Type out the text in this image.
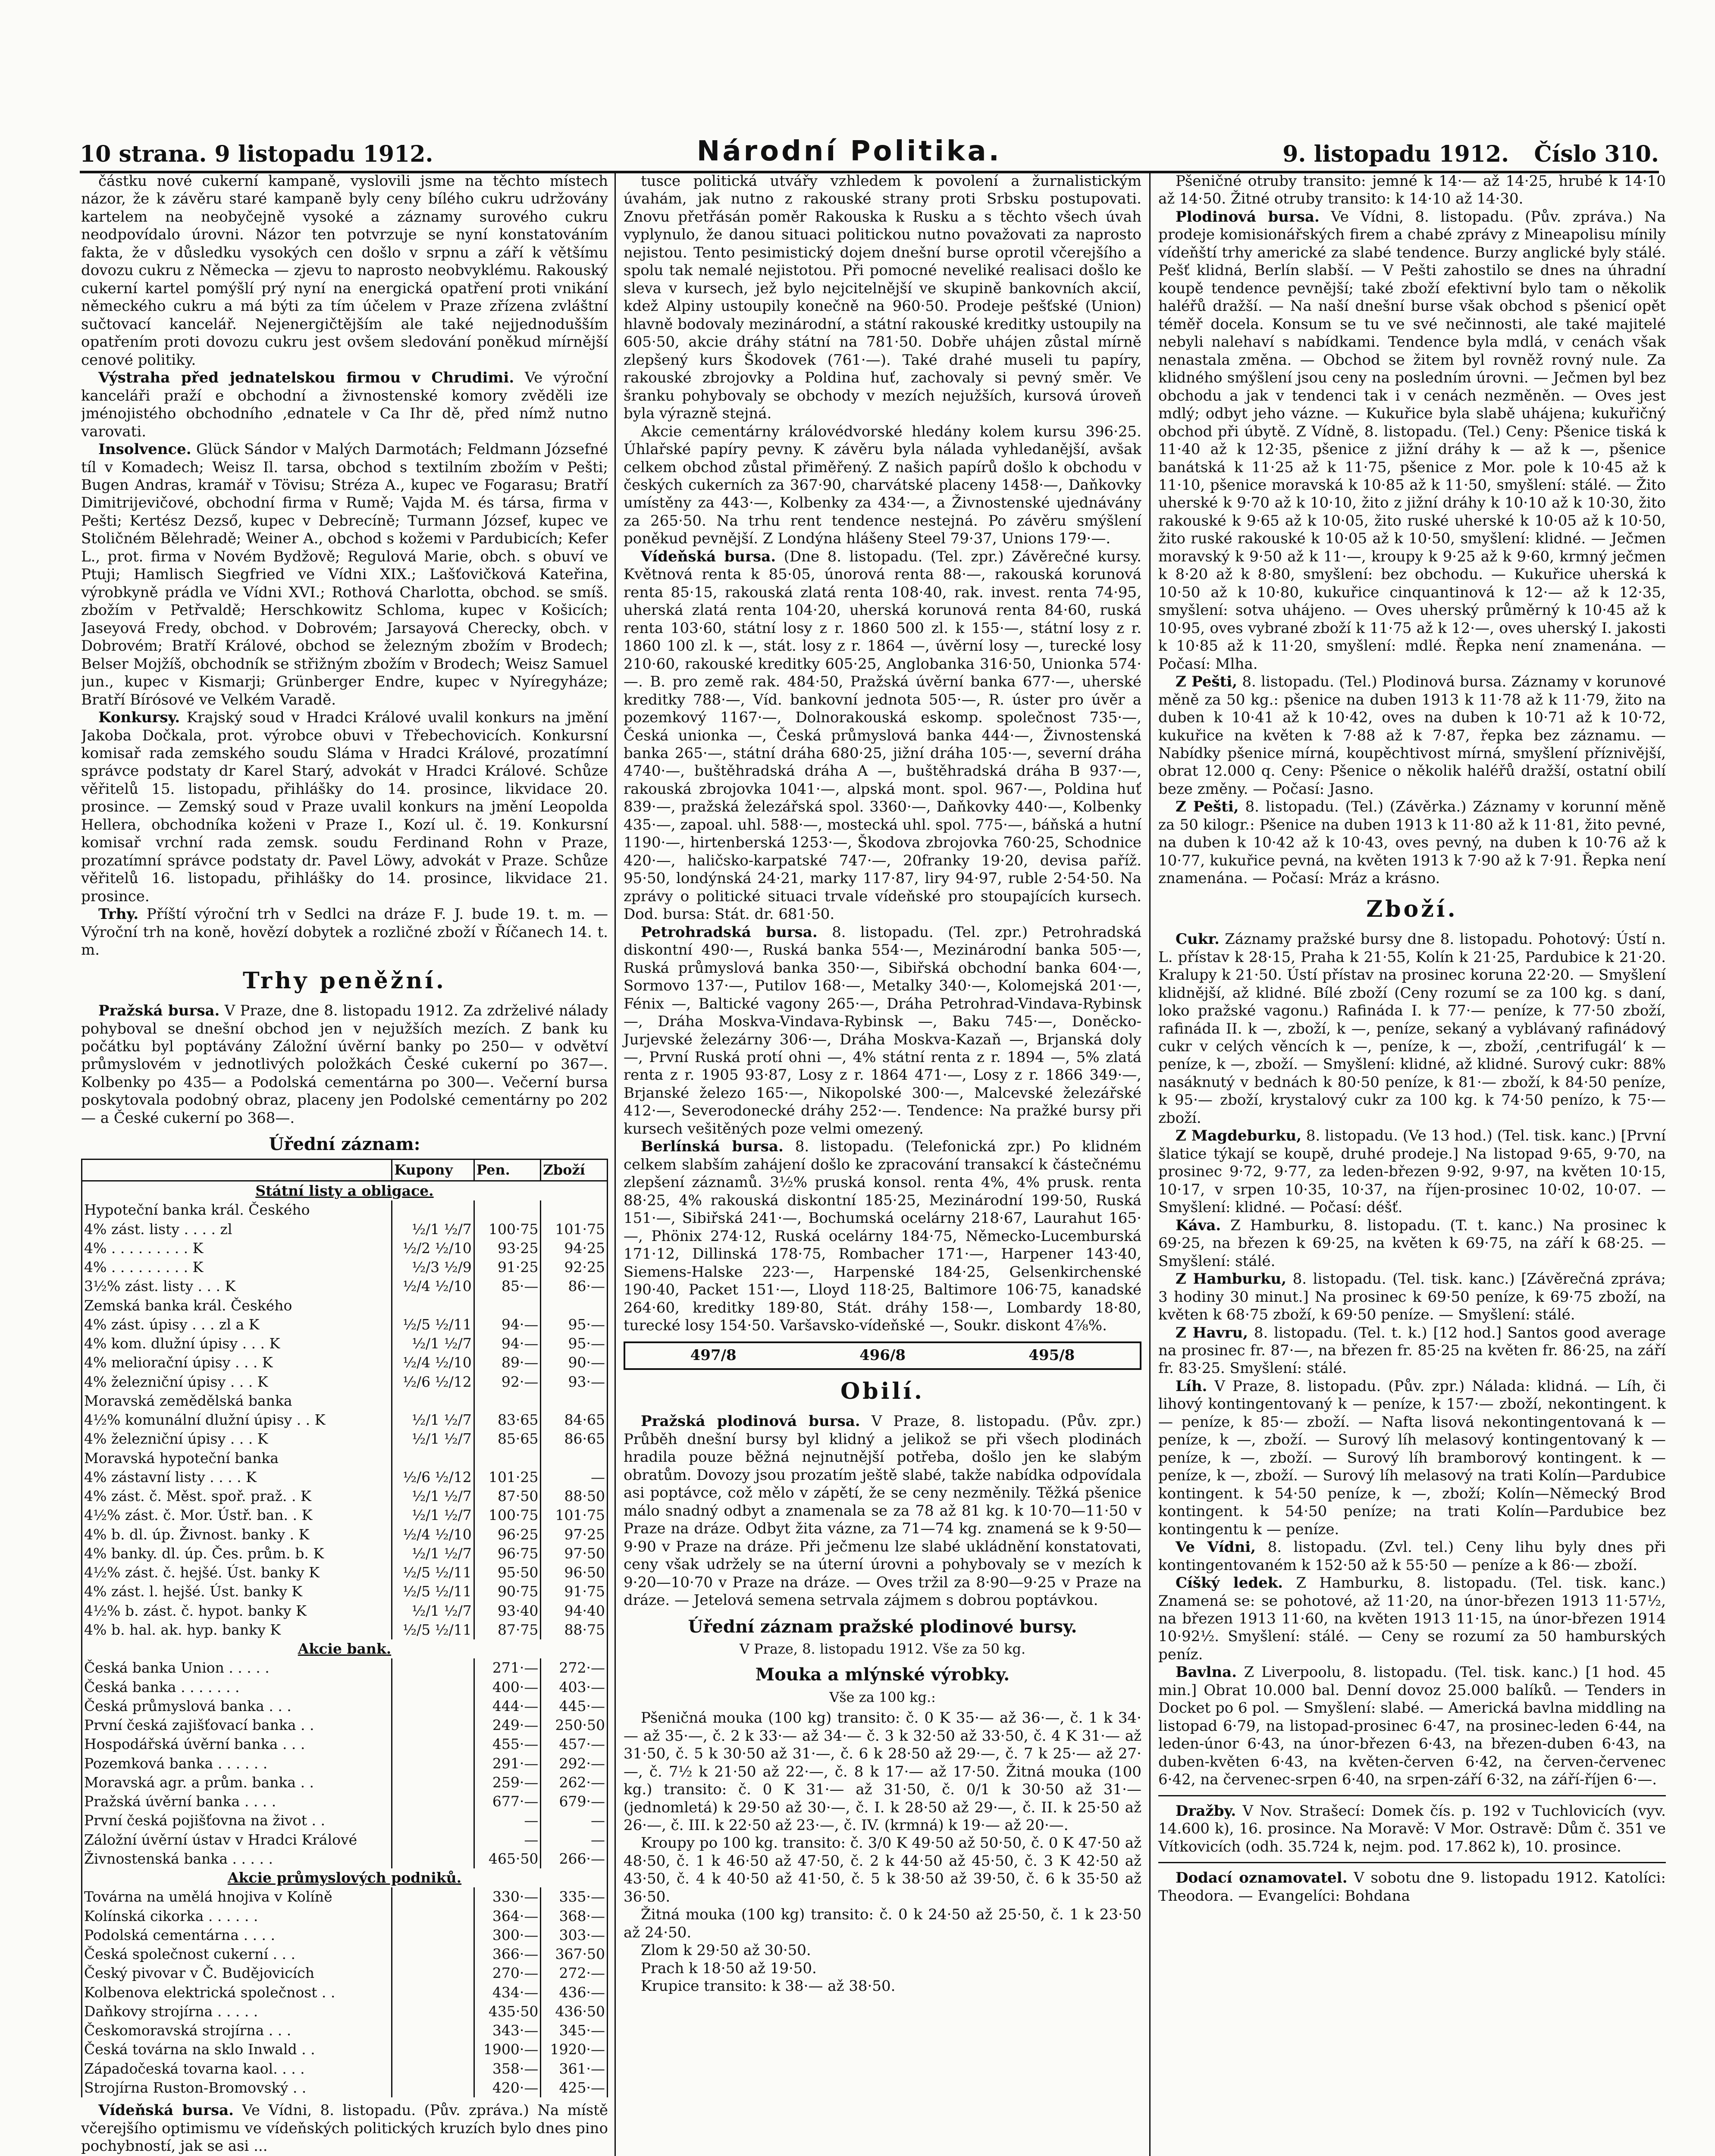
10 strana. 9 listopadu 1912.	Národní Politika.	9. listopadu 1912. Číslo 310.

částku nové cukerní kampaně, vyslovili jsme na těchto místech názor, že k závěru staré kampaně byly ceny bílého cukru udržovány kartelem na neobyčejně vysoké a záznamy surového cukru neodpovídalo úrovni. Názor ten potvrzuje se nyní konstatováním fakta, že v důsledku vysokých cen došlo v srpnu a září k většímu dovozu cukru z Německa — zjevu to naprosto neobvyklému. Rakouský cukerní kartel pomýšlí prý nyní na energická opatření proti vnikání německého cukru a má býti za tím účelem v Praze zřízena zvláštní sučtovací kancelář. Nejenergičtějším ale také nejjednodušším opatřením proti dovozu cukru jest ovšem sledování poněkud mírnější cenové politiky.

Výstraha před jednatelskou firmou v Chrudimi. Ve výroční kanceláři praží e obchodní a živnostenské komory zvěděli ize jménojistého obchodního ,ednatele v Ca Ihr dě, před nímž nutno varovati.

Insolvence. Glück Sándor v Malých Darmotách; Feldmann Józsefné tíl v Komadech; Weisz Il. tarsa, obchod s textilním zbožím v Pešti; Bugen Andras, kramář v Tövisu; Stréza A., kupec ve Fogarasu; Bratří Dimitrijevičové, obchodní firma v Rumě; Vajda M. és társa, firma v Pešti; Kertész Dezső, kupec v Debrecíně; Turmann József, kupec ve Stoličném Bělehradě; Weiner A., obchod s kožemi v Pardubicích; Kefer L., prot. firma v Novém Bydžově; Regulová Marie, obch. s obuví ve Ptuji; Hamlisch Siegfried ve Vídni XIX.; Lašťovičková Kateřina, výrobkyně prádla ve Vídni XVI.; Rothová Charlotta, obchod. se smíš. zbožím v Petřvaldě; Herschkowitz Schloma, kupec v Košicích; Jaseyová Fredy, obchod. v Dobrovém; Jarsayová Cherecky, obch. v Dobrovém; Bratří Králové, obchod se železným zbožím v Brodech; Belser Mojžíš, obchodník se střižným zbožím v Brodech; Weisz Samuel jun., kupec v Kismarji; Grünberger Endre, kupec v Nyíregyháze; Bratří Bírósové ve Velkém Varadě.

Konkursy. Krajský soud v Hradci Králové uvalil konkurs na jmění Jakoba Dočkala, prot. výrobce obuvi v Třebechovicích. Konkursní komisař rada zemského soudu Sláma v Hradci Králové, prozatímní správce podstaty dr Karel Starý, advokát v Hradci Králové. Schůze věřitelů 15. listopadu, přihlášky do 14. prosince, likvidace 20. prosince. — Zemský soud v Praze uvalil konkurs na jmění Leopolda Hellera, obchodníka koženi v Praze I., Kozí ul. č. 19. Konkursní komisař vrchní rada zemsk. soudu Ferdinand Rohn v Praze, prozatímní správce podstaty dr. Pavel Löwy, advokát v Praze. Schůze věřitelů 16. listopadu, přihlášky do 14. prosince, likvidace 21. prosince.

Trhy. Příští výroční trh v Sedlci na dráze F. J. bude 19. t. m. — Výroční trh na koně, hovězí dobytek a rozličné zboží v Říčanech 14. t. m.

Trhy peněžní.

Pražská bursa. V Praze, dne 8. listopadu 1912. Za zdrželivé nálady pohyboval se dnešní obchod jen v nejužších mezích. Z bank ku počátku byl poptávány Záložní úvěrní banky po 250— v odvětví průmyslovém v jednotlivých položkách České cukerní po 367—. Kolbenky po 435— a Podolská cementárna po 300—. Večerní bursa poskytovala podobný obraz, placeny jen Podolské cementárny po 202— a České cukerní po 368—.

Úřední záznam:

	Kupony	Pen.	Zboží
Státní listy a obligace.			
Hypoteční banka král. Českého			
4% zást. listy . . . . zl	½/1 ½/7	100·75	101·75
4% . . . . . . . . . K	½/2 ½/10	93·25	94·25
4% . . . . . . . . . K	½/3 ½/9	91·25	92·25
3½% zást. listy . . . K	½/4 ½/10	85·—	86·—
Zemská banka král. Českého			
4% zást. úpisy . . . zl a K	½/5 ½/11	94·—	95·—
4% kom. dlužní úpisy . . . K	½/1 ½/7	94·—	95·—
4% meliorační úpisy . . . K	½/4 ½/10	89·—	90·—
4% železniční úpisy . . . K	½/6 ½/12	92·—	93·—
Moravská zemědělská banka			
4½% komunální dlužní úpisy . . K	½/1 ½/7	83·65	84·65
4% železniční úpisy . . . K	½/1 ½/7	85·65	86·65
Moravská hypoteční banka			
4% zástavní listy . . . . K	½/6 ½/12	101·25	—
4% zást. č. Měst. spoř. praž. . K	½/1 ½/7	87·50	88·50
4½% zást. č. Mor. Ústř. ban. . K	½/1 ½/7	100·75	101·75
4% b. dl. úp. Živnost. banky . K	½/4 ½/10	96·25	97·25
4% banky. dl. úp. Čes. prům. b. K	½/1 ½/7	96·75	97·50
4½% zást. č. hejšé. Úst. banky K	½/5 ½/11	95·50	96·50
4% zást. l. hejšé. Úst. banky K	½/5 ½/11	90·75	91·75
4½% b. zást. č. hypot. banky K	½/1 ½/7	93·40	94·40
4% b. hal. ak. hyp. banky K	½/5 ½/11	87·75	88·75
Akcie bank.			
Česká banka Union . . . . .		271·—	272·—
Česká banka . . . . . . .		400·—	403·—
Česká průmyslová banka . . .		444·—	445·—
První česká zajišťovací banka . .		249·—	250·50
Hospodářská úvěrní banka . . .		455·—	457·—
Pozemková banka . . . . . .		291·—	292·—
Moravská agr. a prům. banka . .		259·—	262·—
Pražská úvěrní banka . . . .		677·—	679·—
První česká pojišťovna na život . .		—	—
Záložní úvěrní ústav v Hradci Králové		—	—
Živnostenská banka . . . . .		465·50	266·—
Akcie průmyslových podniků.			
Továrna na umělá hnojiva v Kolíně		330·—	335·—
Kolínská cikorka . . . . . .		364·—	368·—
Podolská cementárna . . . .		300·—	303·—
Česká společnost cukerní . . .		366·—	367·50
Český pivovar v Č. Budějovicích		270·—	272·—
Kolbenova elektrická společnost . .		434·—	436·—
Daňkovy strojírna . . . . .		435·50	436·50
Českomoravská strojírna . . .		343·—	345·—
Česká továrna na sklo Inwald . .		1900·—	1920·—
Západočeská tovarna kaol. . . .		358·—	361·—
Strojírna Ruston-Bromovský . .		420·—	425·—

Vídeňská bursa. Ve Vídni, 8. listopadu. (Pův. zpráva.) Na místě včerejšího optimismu ve vídeňských politických kruzích bylo dnes pino pochybností, jak se asi ...

tusce politická utvářy vzhledem k povolení a žurnalistickým úvahám, jak nutno z rakouské strany proti Srbsku postupovati. Znovu přetřásán poměr Rakouska k Rusku a s těchto všech úvah vyplynulo, že danou situaci politickou nutno považovati za naprosto nejistou. Tento pesimistický dojem dnešní burse oprotil včerejšího a spolu tak nemalé nejistotou. Při pomocné neveliké realisaci došlo ke sleva v kursech, jež bylo nejcitelnější ve skupině bankovních akcií, kdež Alpiny ustoupily konečně na 960·50. Prodeje pešťské (Union) hlavně bodovaly mezinárodní, a státní rakouské kreditky ustoupily na 605·50, akcie dráhy státní na 781·50. Dobře uhájen zůstal mírně zlepšený kurs Škodovek (761·—). Také drahé museli tu papíry, rakouské zbrojovky a Poldina huť, zachovaly si pevný směr. Ve šranku pohybovaly se obchody v mezích nejužších, kursová úroveň byla výrazně stejná.

Akcie cementárny královédvorské hledány kolem kursu 396·25. Úhlařské papíry pevny. K závěru byla nálada vyhledanější, avšak celkem obchod zůstal přiměřený. Z našich papírů došlo k obchodu v českých cukerních za 367·90, charvátské placeny 1458·—, Daňkovky umístěny za 443·—, Kolbenky za 434·—, a Živnostenské ujednávány za 265·50. Na trhu rent tendence nestejná. Po závěru smýšlení poněkud pevnější. Z Londýna hlášeny Steel 79·37, Unions 179·—.

Vídeňská bursa. (Dne 8. listopadu. (Tel. zpr.) Závěrečné kursy. Květnová renta k 85·05, únorová renta 88·—, rakouská korunová renta 85·15, rakouská zlatá renta 108·40, rak. invest. renta 74·95, uherská zlatá renta 104·20, uherská korunová renta 84·60, ruská renta 103·60, státní losy z r. 1860 500 zl. k 155·—, státní losy z r. 1860 100 zl. k —, stát. losy z r. 1864 —, úvěrní losy —, turecké losy 210·60, rakouské kreditky 605·25, Anglobanka 316·50, Unionka 574·—. B. pro země rak. 484·50, Pražská úvěrní banka 677·—, uherské kreditky 788·—, Víd. bankovní jednota 505·—, R. úster pro úvěr a pozemkový 1167·—, Dolnorakouská eskomp. společnost 735·—, Česká unionka —, Česká průmyslová banka 444·—, Živnostenská banka 265·—, státní dráha 680·25, jižní dráha 105·—, severní dráha 4740·—, buštěhradská dráha A —, buštěhradská dráha B 937·—, rakouská zbrojovka 1041·—, alpská mont. spol. 967·—, Poldina huť 839·—, pražská železářská spol. 3360·—, Daňkovky 440·—, Kolbenky 435·—, zapoal. uhl. 588·—, mostecká uhl. spol. 775·—, báňská a hutní 1190·—, hirtenberská 1253·—, Škodova zbrojovka 760·25, Schodnice 420·—, haličsko-karpatské 747·—, 20franky 19·20, devisa paříž. 95·50, londýnská 24·21, marky 117·87, liry 94·97, ruble 2·54·50. Na zprávy o politické situaci trvale vídeňské pro stoupajících kursech. Dod. bursa: Stát. dr. 681·50.

Petrohradská bursa. 8. listopadu. (Tel. zpr.) Petrohradská diskontní 490·—, Ruská banka 554·—, Mezinárodní banka 505·—, Ruská průmyslová banka 350·—, Sibiřská obchodní banka 604·—, Sormovo 137·—, Putilov 168·—, Metalky 340·—, Kolomejská 201·—, Fénix —, Baltické vagony 265·—, Dráha Petrohrad-Vindava-Rybinsk —, Dráha Moskva-Vindava-Rybinsk —, Baku 745·—, Doněcko-Jurjevské železárny 306·—, Dráha Moskva-Kazaň —, Brjanská doly —, První Ruská protí ohni —, 4% státní renta z r. 1894 —, 5% zlatá renta z r. 1905 93·87, Losy z r. 1864 471·—, Losy z r. 1866 349·—, Brjanské železo 165·—, Nikopolské 300·—, Malcevské železářské 412·—, Severodonecké dráhy 252·—. Tendence: Na pražké bursy při kursech vešitěných poze velmi omezený.

Berlínská bursa. 8. listopadu. (Telefonická zpr.) Po klidném celkem slabším zahájení došlo ke zpracování transakcí k částečnému zlepšení záznamů. 3½% pruská konsol. renta 4%, 4% prusk. renta 88·25, 4% rakouská diskontní 185·25, Mezinárodní 199·50, Ruská 151·—, Sibiřská 241·—, Bochumská ocelárny 218·67, Laurahut 165·—, Phönix 274·12, Ruská ocelárny 184·75, Německo-Lucemburská 171·12, Dillinská 178·75, Rombacher 171·—, Harpener 143·40, Siemens-Halske 223·—, Harpenské 184·25, Gelsenkirchenské 190·40, Packet 151·—, Lloyd 118·25, Baltimore 106·75, kanadské 264·60, kreditky 189·80, Stát. dráhy 158·—, Lombardy 18·80, turecké losy 154·50. Varšavsko-vídeňské —, Soukr. diskont 4⅞%.

497/8	496/8	495/8

Obilí.

Pražská plodinová bursa. V Praze, 8. listopadu. (Pův. zpr.) Průběh dnešní bursy byl klidný a jelikož se při všech plodinách hradila pouze běžná nejnutnější potřeba, došlo jen ke slabým obratům. Dovozy jsou prozatím ještě slabé, takže nabídka odpovídala asi poptávce, což mělo v zápětí, že se ceny nezměnily. Těžká pšenice málo snadný odbyt a znamenala se za 78 až 81 kg. k 10·70—11·50 v Praze na dráze. Odbyt žita vázne, za 71—74 kg. znamená se k 9·50—9·90 v Praze na dráze. Při ječmenu lze slabé ukládnění konstatovati, ceny však udržely se na úterní úrovni a pohybovaly se v mezích k 9·20—10·70 v Praze na dráze. — Oves tržil za 8·90—9·25 v Praze na dráze. — Jetelová semena setrvala zájmem s dobrou poptávkou.

Úřední záznam pražské plodinové bursy.

V Praze, 8. listopadu 1912. Vše za 50 kg.

Mouka a mlýnské výrobky.

Vše za 100 kg.:

Pšeničná mouka (100 kg) transito: č. 0 K 35·— až 36·—, č. 1 k 34·— až 35·—, č. 2 k 33·— až 34·— č. 3 k 32·50 až 33·50, č. 4 K 31·— až 31·50, č. 5 k 30·50 až 31·—, č. 6 k 28·50 až 29·—, č. 7 k 25·— až 27·—, č. 7½ k 21·50 až 22·—, č. 8 k 17·— až 17·50. Žitná mouka (100 kg.) transito: č. 0 K 31·— až 31·50, č. 0/1 k 30·50 až 31·— (jednomletá) k 29·50 až 30·—, č. I. k 28·50 až 29·—, č. II. k 25·50 až 26·—, č. III. k 22·50 až 23·—, č. IV. (krmná) k 19·— až 20·—.

Kroupy po 100 kg. transito: č. 3/0 K 49·50 až 50·50, č. 0 K 47·50 až 48·50, č. 1 k 46·50 až 47·50, č. 2 k 44·50 až 45·50, č. 3 K 42·50 až 43·50, č. 4 k 40·50 až 41·50, č. 5 k 38·50 až 39·50, č. 6 k 35·50 až 36·50.

Žitná mouka (100 kg) transito: č. 0 k 24·50 až 25·50, č. 1 k 23·50 až 24·50.

Zlom k 29·50 až 30·50.

Prach k 18·50 až 19·50.

Krupice transito: k 38·— až 38·50.

Pšeničné otruby transito: jemné k 14·— až 14·25, hrubé k 14·10 až 14·50. Žitné otruby transito: k 14·10 až 14·30.

Plodinová bursa. Ve Vídni, 8. listopadu. (Pův. zpráva.) Na prodeje komisionářských firem a chabé zprávy z Mineapolisu mínily vídeňští trhy americké za slabé tendence. Burzy anglické byly stálé. Pešť klidná, Berlín slabší. — V Pešti zahostilo se dnes na úhradní koupě tendence pevnější; také zboží efektivní bylo tam o několik haléřů dražší. — Na naší dnešní burse však obchod s pšenicí opět téměř docela. Konsum se tu ve své nečinnosti, ale také majitelé nebyli nalehaví s nabídkami. Tendence byla mdlá, v cenách však nenastala změna. — Obchod se žitem byl rovněž rovný nule. Za klidného smýšlení jsou ceny na posledním úrovni. — Ječmen byl bez obchodu a jak v tendenci tak i v cenách nezměněn. — Oves jest mdlý; odbyt jeho vázne. — Kukuřice byla slabě uhájena; kukuřičný obchod při úbytě. Z Vídně, 8. listopadu. (Tel.) Ceny: Pšenice tiská k 11·40 až k 12·35, pšenice z jižní dráhy k — až k —, pšenice banátská k 11·25 až k 11·75, pšenice z Mor. pole k 10·45 až k 11·10, pšenice moravská k 10·85 až k 11·50, smyšlení: stálé. — Žito uherské k 9·70 až k 10·10, žito z jižní dráhy k 10·10 až k 10·30, žito rakouské k 9·65 až k 10·05, žito ruské uherské k 10·05 až k 10·50, žito ruské rakouské k 10·05 až k 10·50, smyšlení: klidné. — Ječmen moravský k 9·50 až k 11·—, kroupy k 9·25 až k 9·60, krmný ječmen k 8·20 až k 8·80, smyšlení: bez obchodu. — Kukuřice uherská k 10·50 až k 10·80, kukuřice cinquantinová k 12·— až k 12·35, smyšlení: sotva uhájeno. — Oves uherský průměrný k 10·45 až k 10·95, oves vybrané zboží k 11·75 až k 12·—, oves uherský I. jakosti k 10·85 až k 11·20, smyšlení: mdlé. Řepka není znamenána. — Počasí: Mlha.

Z Pešti, 8. listopadu. (Tel.) Plodinová bursa. Záznamy v korunové měně za 50 kg.: pšenice na duben 1913 k 11·78 až k 11·79, žito na duben k 10·41 až k 10·42, oves na duben k 10·71 až k 10·72, kukuřice na květen k 7·88 až k 7·87, řepka bez záznamu. — Nabídky pšenice mírná, koupěchtivost mírná, smyšlení příznivější, obrat 12.000 q. Ceny: Pšenice o několik haléřů dražší, ostatní obilí beze změny. — Počasí: Jasno.

Z Pešti, 8. listopadu. (Tel.) (Závěrka.) Záznamy v korunní měně za 50 kilogr.: Pšenice na duben 1913 k 11·80 až k 11·81, žito pevné, na duben k 10·42 až k 10·43, oves pevný, na duben k 10·76 až k 10·77, kukuřice pevná, na květen 1913 k 7·90 až k 7·91. Řepka není znamenána. — Počasí: Mráz a krásno.

Zboží.

Cukr. Záznamy pražské bursy dne 8. listopadu. Pohotový: Ústí n. L. přístav k 28·15, Praha k 21·55, Kolín k 21·25, Pardubice k 21·20. Kralupy k 21·50. Ústí přístav na prosinec koruna 22·20. — Smyšlení klidnější, až klidné. Bílé zboží (Ceny rozumí se za 100 kg. s daní, loko pražské vagonu.) Rafináda I. k 77·— peníze, k 77·50 zboží, rafináda II. k —, zboží, k —, peníze, sekaný a vyblávaný rafinádový cukr v celých věncích k —, peníze, k —, zboží, ‚centrifugál‘ k — peníze, k —, zboží. — Smyšlení: klidné, až klidné. Surový cukr: 88% nasáknutý v bednách k 80·50 peníze, k 81·— zboží, k 84·50 peníze, k 95·— zboží, krystalový cukr za 100 kg. k 74·50 penízo, k 75·— zboží.

Z Magdeburku, 8. listopadu. (Ve 13 hod.) (Tel. tisk. kanc.) [První šlatice týkají se koupě, druhé prodeje.] Na listopad 9·65, 9·70, na prosinec 9·72, 9·77, za leden-březen 9·92, 9·97, na květen 10·15, 10·17, v srpen 10·35, 10·37, na říjen-prosinec 10·02, 10·07. — Smyšlení: klidné. — Počasí: déšť.

Káva. Z Hamburku, 8. listopadu. (T. t. kanc.) Na prosinec k 69·25, na březen k 69·25, na květen k 69·75, na září k 68·25. — Smyšlení: stálé.

Z Hamburku, 8. listopadu. (Tel. tisk. kanc.) [Závěrečná zpráva; 3 hodiny 30 minut.] Na prosinec k 69·50 peníze, k 69·75 zboží, na květen k 68·75 zboží, k 69·50 peníze. — Smyšlení: stálé.

Z Havru, 8. listopadu. (Tel. t. k.) [12 hod.] Santos good average na prosinec fr. 87·—, na březen fr. 85·25 na květen fr. 86·25, na září fr. 83·25. Smyšlení: stálé.

Líh. V Praze, 8. listopadu. (Pův. zpr.) Nálada: klidná. — Líh, či lihový kontingentovaný k — peníze, k 157·— zboží, nekontingent. k — peníze, k 85·— zboží. — Nafta lisová nekontingentovaná k — peníze, k —, zboží. — Surový líh melasový kontingentovaný k — peníze, k —, zboží. — Surový líh bramborový kontingent. k — peníze, k —, zboží. — Surový líh melasový na trati Kolín—Pardubice kontingent. k 54·50 peníze, k —, zboží; Kolín—Německý Brod kontingent. k 54·50 peníze; na trati Kolín—Pardubice bez kontingentu k — peníze.

Ve Vídni, 8. listopadu. (Zvl. tel.) Ceny lihu byly dnes při kontingentovaném k 152·50 až k 55·50 — peníze a k 86·— zboží.

Cíšký ledek. Z Hamburku, 8. listopadu. (Tel. tisk. kanc.) Znamená se: se pohotové, až 11·20, na únor-březen 1913 11·57½, na březen 1913 11·60, na květen 1913 11·15, na únor-březen 1914 10·92½. Smyšlení: stálé. — Ceny se rozumí za 50 hamburských peníz.

Bavlna. Z Liverpoolu, 8. listopadu. (Tel. tisk. kanc.) [1 hod. 45 min.] Obrat 10.000 bal. Denní dovoz 25.000 balíků. — Tenders in Docket po 6 pol. — Smyšlení: slabé. — Americká bavlna middling na listopad 6·79, na listopad-prosinec 6·47, na prosinec-leden 6·44, na leden-únor 6·43, na únor-březen 6·43, na březen-duben 6·43, na duben-květen 6·43, na květen-červen 6·42, na červen-červenec 6·42, na červenec-srpen 6·40, na srpen-září 6·32, na září-říjen 6·—.

Dražby. V Nov. Strašecí: Domek čís. p. 192 v Tuchlovicích (vyv. 14.600 k), 16. prosince. Na Moravě: V Mor. Ostravě: Dům č. 351 ve Vítkovicích (odh. 35.724 k, nejm. pod. 17.862 k), 10. prosince.

Dodací oznamovatel. V sobotu dne 9. listopadu 1912. Katolíci: Theodora. — Evangelíci: Bohdana
